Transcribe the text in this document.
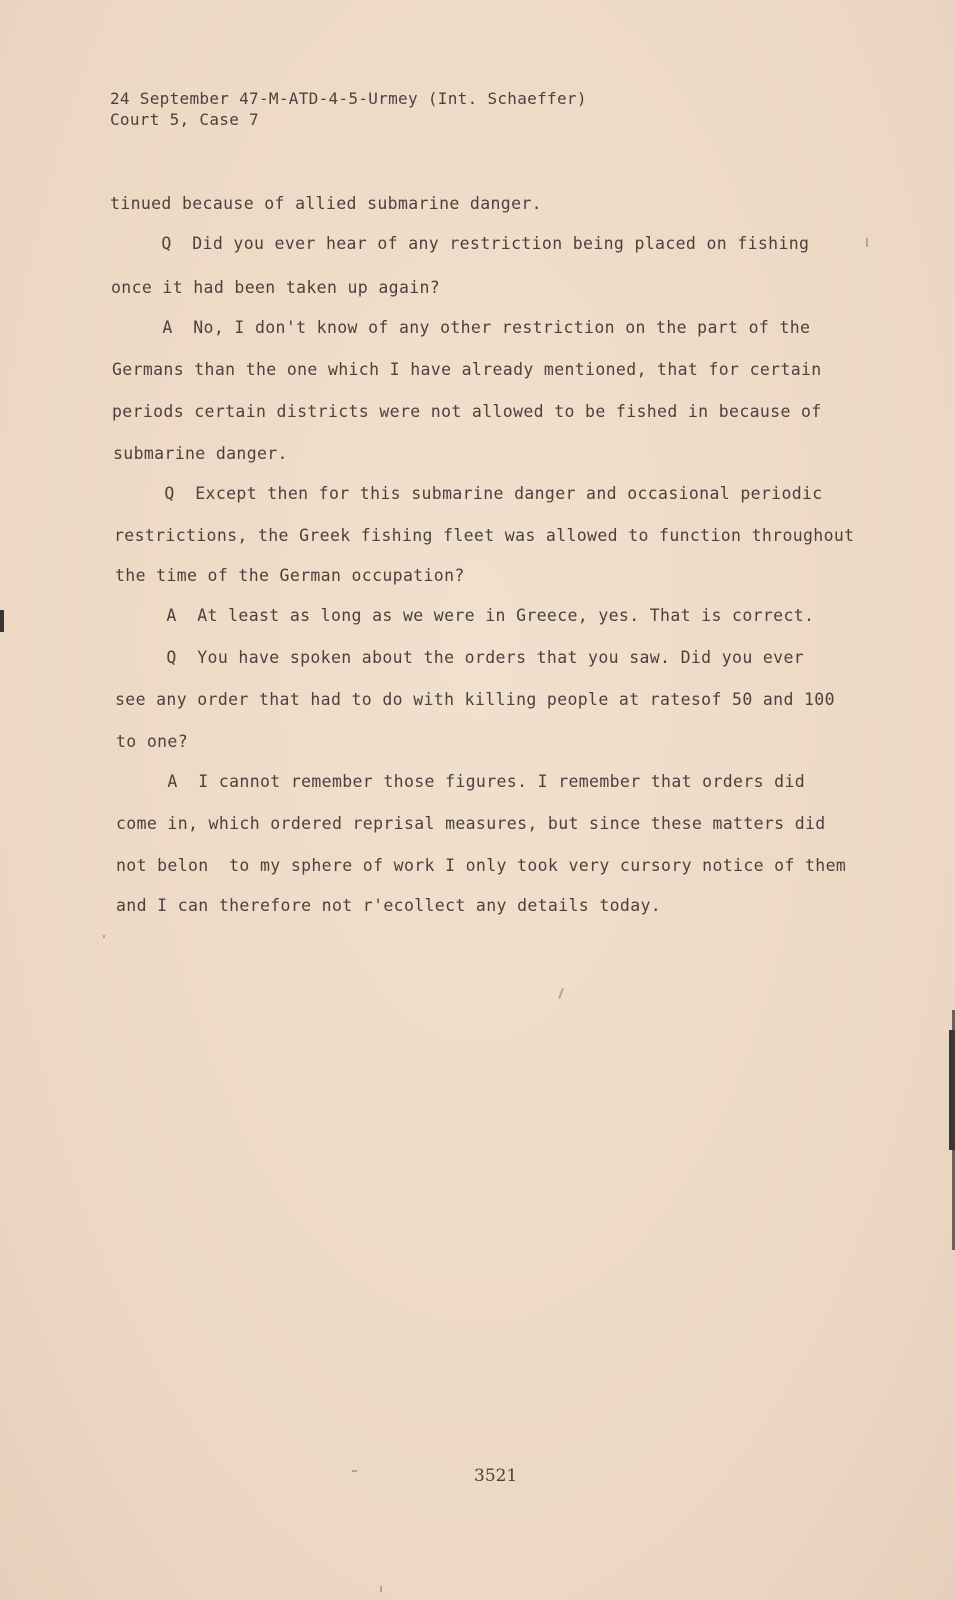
24 September 47-M-ATD-4-5-Urmey (Int. Schaeffer)
Court 5, Case 7
tinued because of allied submarine danger.
Q  Did you ever hear of any restriction being placed on fishing
once it had been taken up again?
A  No, I don't know of any other restriction on the part of the
Germans than the one which I have already mentioned, that for certain
periods certain districts were not allowed to be fished in because of
submarine danger.
Q  Except then for this submarine danger and occasional periodic
restrictions, the Greek fishing fleet was allowed to function throughout
the time of the German occupation?
A  At least as long as we were in Greece, yes. That is correct.
Q  You have spoken about the orders that you saw. Did you ever
see any order that had to do with killing people at ratesof 50 and 100
to one?
A  I cannot remember those figures. I remember that orders did
come in, which ordered reprisal measures, but since these matters did
not belon  to my sphere of work I only took very cursory notice of them
and I can therefore not r'ecollect any details today.
3521
